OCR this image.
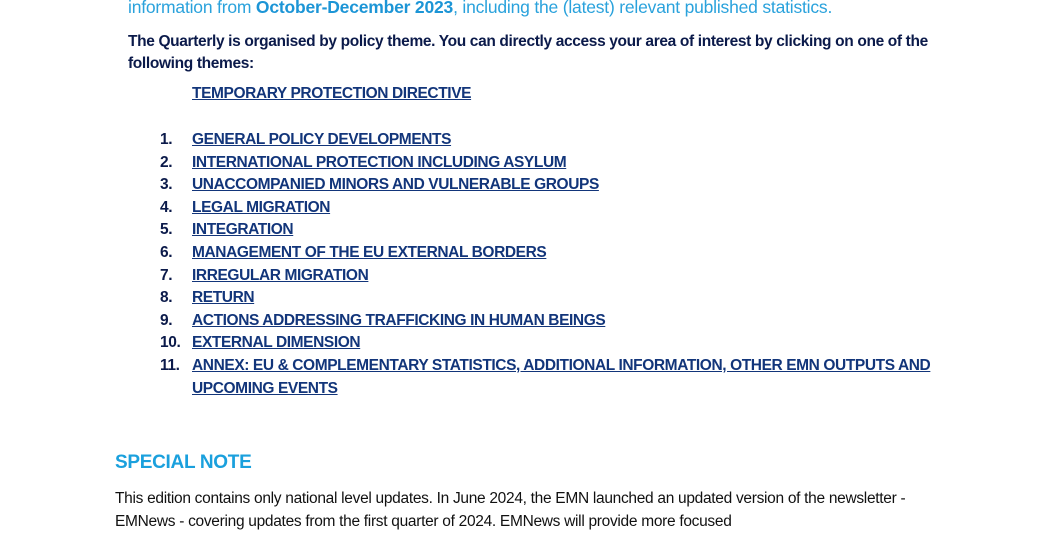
information from October-December 2023, including the (latest) relevant published statistics.
The Quarterly is organised by policy theme. You can directly access your area of interest by clicking on one of the following themes:
TEMPORARY PROTECTION DIRECTIVE
1.	GENERAL POLICY DEVELOPMENTS
2.	INTERNATIONAL PROTECTION INCLUDING ASYLUM
3.	UNACCOMPANIED MINORS AND VULNERABLE GROUPS
4.	LEGAL MIGRATION
5.	INTEGRATION
6.	MANAGEMENT OF THE EU EXTERNAL BORDERS
7.	IRREGULAR MIGRATION
8.	RETURN
9.	ACTIONS ADDRESSING TRAFFICKING IN HUMAN BEINGS
10. EXTERNAL DIMENSION
11. ANNEX: EU & COMPLEMENTARY STATISTICS, ADDITIONAL INFORMATION, OTHER EMN OUTPUTS AND UPCOMING EVENTS
SPECIAL NOTE
This edition contains only national level updates. In June 2024, the EMN launched an updated version of the newsletter - EMNews - covering updates from the first quarter of 2024. EMNews will provide more focused
